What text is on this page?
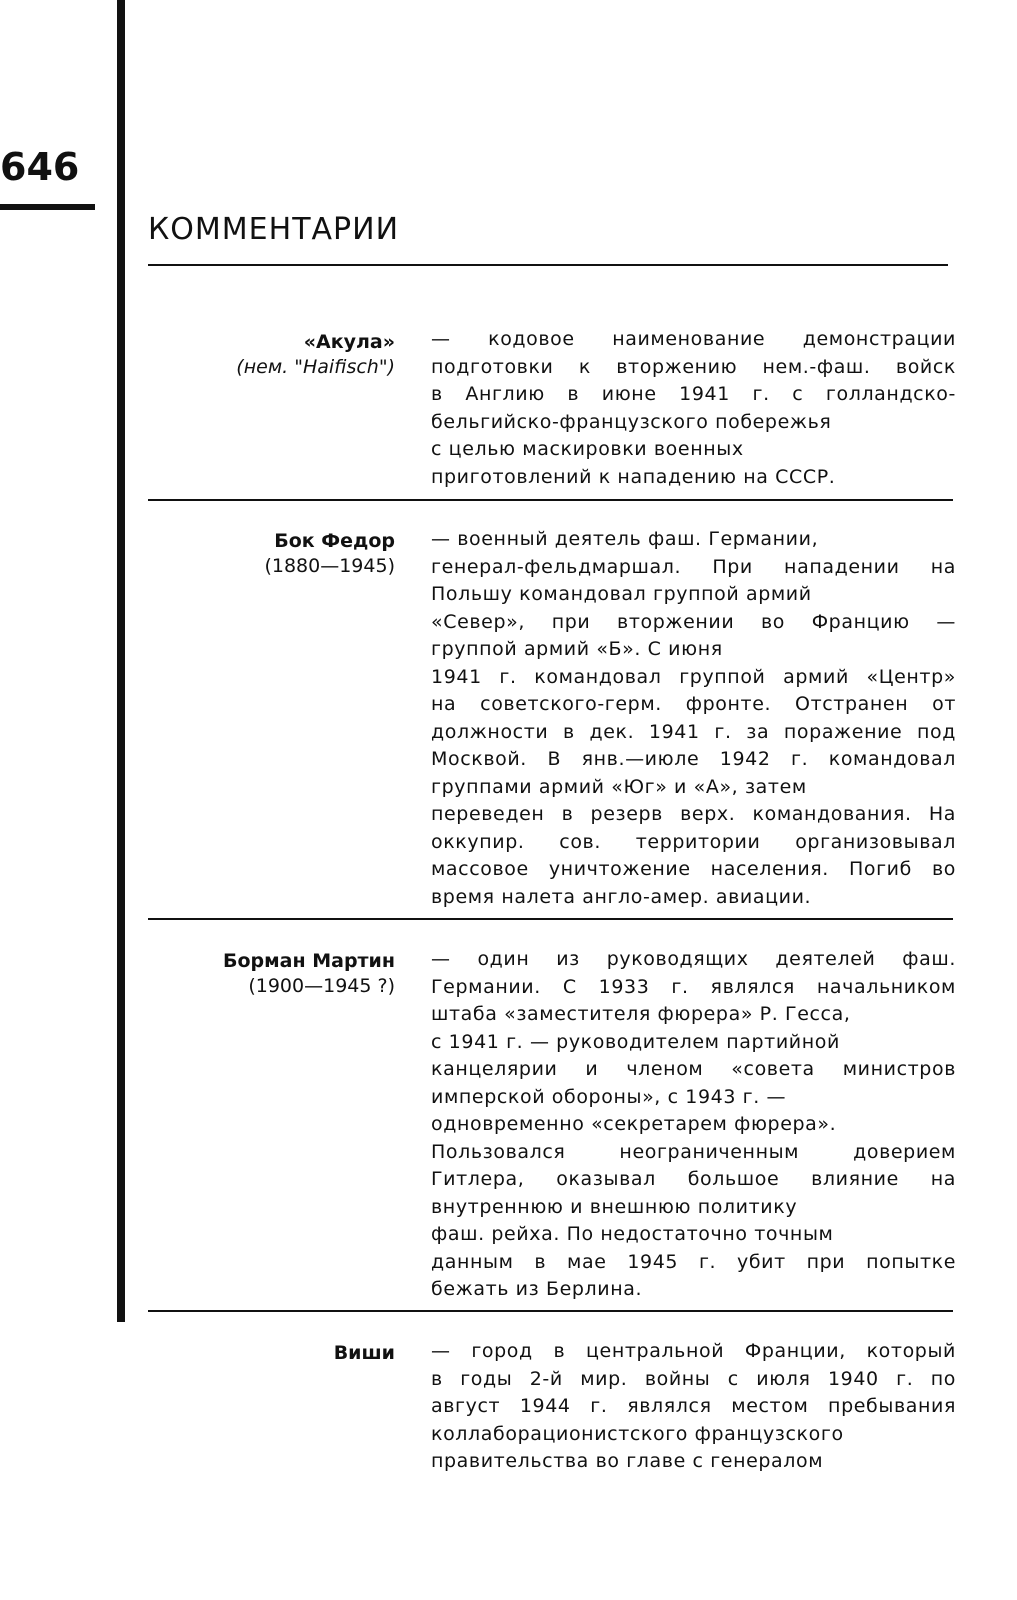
646
КОММЕНТАРИИ
«Акула»
(нем. "Haifisch")
— кодовое наименование демонстрации
подготовки к вторжению нем.-фаш. войск
в Англию в июне 1941 г. с голландско-
бельгийско-французского побережья
с целью маскировки военных
приготовлений к нападению на СССР.
Бок Федор
(1880—1945)
— военный деятель фаш. Германии,
генерал-фельдмаршал. При нападении на
Польшу командовал группой армий
«Север», при вторжении во Францию —
группой армий «Б». С июня
1941 г. командовал группой армий «Центр»
на советского-герм. фронте. Отстранен от
должности в дек. 1941 г. за поражение под
Москвой. В янв.—июле 1942 г. командовал
группами армий «Юг» и «А», затем
переведен в резерв верх. командования. На
оккупир. сов. территории организовывал
массовое уничтожение населения. Погиб во
время налета англо-амер. авиации.
Борман Мартин
(1900—1945 ?)
— один из руководящих деятелей фаш.
Германии. С 1933 г. являлся начальником
штаба «заместителя фюрера» Р. Гесса,
с 1941 г. — руководителем партийной
канцелярии и членом «совета министров
имперской обороны», с 1943 г. —
одновременно «секретарем фюрера».
Пользовался неограниченным доверием
Гитлера, оказывал большое влияние на
внутреннюю и внешнюю политику
фаш. рейха. По недостаточно точным
данным в мае 1945 г. убит при попытке
бежать из Берлина.
Виши — город в центральной Франции, который
в годы 2-й мир. войны с июля 1940 г. по
август 1944 г. являлся местом пребывания
коллаборационистского французского
правительства во главе с генералом
